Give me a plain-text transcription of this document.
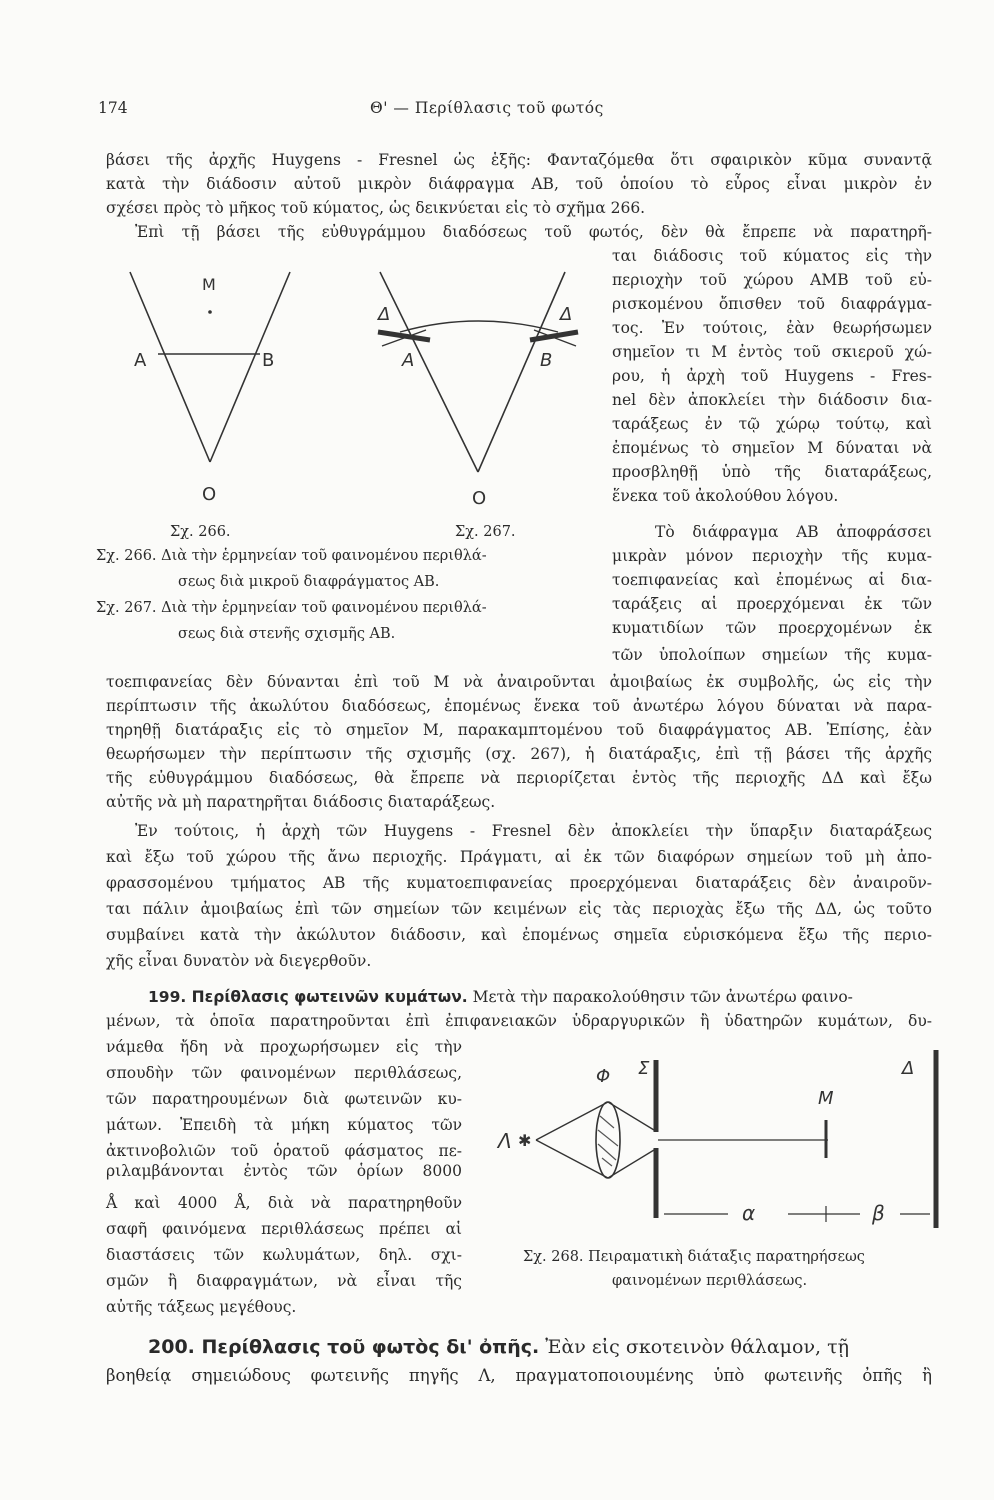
174	Θ' — Περίθλασις τοῦ φωτός
βάσει τῆς ἀρχῆς Huygens - Fresnel ὡς ἑξῆς: Φανταζόμεθα ὅτι σφαιρικὸν κῦμα συναντᾷ
κατὰ τὴν διάδοσιν αὐτοῦ μικρὸν διάφραγμα ΑΒ, τοῦ ὁποίου τὸ εὖρος εἶναι μικρὸν ἐν
σχέσει πρὸς τὸ μῆκος τοῦ κύματος, ὡς δεικνύεται εἰς τὸ σχῆμα 266.
Ἐπὶ τῇ βάσει τῆς εὐθυγράμμου διαδόσεως τοῦ φωτός, δὲν θὰ ἔπρεπε νὰ παρατηρῆ-
ται διάδοσις τοῦ κύματος εἰς τὴν
περιοχὴν τοῦ χώρου ΑΜΒ τοῦ εὑ-
ρισκομένου ὄπισθεν τοῦ διαφράγμα-
τος. Ἐν τούτοις, ἐὰν θεωρήσωμεν
σημεῖον τι Μ ἐντὸς τοῦ σκιεροῦ χώ-
ρου, ἡ ἀρχὴ τοῦ Huygens - Fres-
nel δὲν ἀποκλείει τὴν διάδοσιν δια-
ταράξεως ἐν τῷ χώρῳ τούτῳ, καὶ
ἐπομένως τὸ σημεῖον Μ δύναται νὰ
προσβληθῇ ὑπὸ τῆς διαταράξεως,
ἕνεκα τοῦ ἀκολούθου λόγου.
Τὸ διάφραγμα ΑΒ ἀποφράσσει
μικρὰν μόνον περιοχὴν τῆς κυμα-
τοεπιφανείας καὶ ἐπομένως αἱ δια-
ταράξεις αἱ προερχόμεναι ἐκ τῶν
κυματιδίων τῶν προερχομένων ἐκ
τῶν ὑπολοίπων σημείων τῆς κυμα-
M
A	B
O
Σχ. 266.
Δ	Δ
A	B
O
Σχ. 267.
Σχ. 266. Διὰ τὴν ἑρμηνείαν τοῦ φαινομένου περιθλά-
σεως διὰ μικροῦ διαφράγματος ΑΒ.
Σχ. 267. Διὰ τὴν ἑρμηνείαν τοῦ φαινομένου περιθλά-
σεως διὰ στενῆς σχισμῆς ΑΒ.
τοεπιφανείας δὲν δύνανται ἐπὶ τοῦ Μ νὰ ἀναιροῦνται ἀμοιβαίως ἐκ συμβολῆς, ὡς εἰς τὴν
περίπτωσιν τῆς ἀκωλύτου διαδόσεως, ἐπομένως ἕνεκα τοῦ ἀνωτέρω λόγου δύναται νὰ παρα-
τηρηθῇ διατάραξις εἰς τὸ σημεῖον Μ, παρακαμπτομένου τοῦ διαφράγματος ΑΒ. Ἐπίσης, ἐὰν
θεωρήσωμεν τὴν περίπτωσιν τῆς σχισμῆς (σχ. 267), ἡ διατάραξις, ἐπὶ τῇ βάσει τῆς ἀρχῆς
τῆς εὐθυγράμμου διαδόσεως, θὰ ἔπρεπε νὰ περιορίζεται ἐντὸς τῆς περιοχῆς ΔΔ καὶ ἔξω
αὐτῆς νὰ μὴ παρατηρῆται διάδοσις διαταράξεως.
Ἐν τούτοις, ἡ ἀρχὴ τῶν Huygens - Fresnel δὲν ἀποκλείει τὴν ὕπαρξιν διαταράξεως
καὶ ἔξω τοῦ χώρου τῆς ἄνω περιοχῆς. Πράγματι, αἱ ἐκ τῶν διαφόρων σημείων τοῦ μὴ ἀπο-
φρασσομένου τμήματος ΑΒ τῆς κυματοεπιφανείας προερχόμεναι διαταράξεις δὲν ἀναιροῦν-
ται πάλιν ἀμοιβαίως ἐπὶ τῶν σημείων τῶν κειμένων εἰς τὰς περιοχὰς ἔξω τῆς ΔΔ, ὡς τοῦτο
συμβαίνει κατὰ τὴν ἀκώλυτον διάδοσιν, καὶ ἐπομένως σημεῖα εὑρισκόμενα ἔξω τῆς περιο-
χῆς εἶναι δυνατὸν νὰ διεγερθοῦν.
199. Περίθλασις φωτεινῶν κυμάτων. Μετὰ τὴν παρακολούθησιν τῶν ἀνωτέρω φαινο-
μένων, τὰ ὁποῖα παρατηροῦνται ἐπὶ ἐπιφανειακῶν ὑδραργυρικῶν ἢ ὑδατηρῶν κυμάτων, δυ-
νάμεθα ἤδη νὰ προχωρήσωμεν εἰς τὴν
σπουδὴν τῶν φαινομένων περιθλάσεως,
τῶν παρατηρουμένων διὰ φωτεινῶν κυ-
μάτων. Ἐπειδὴ τὰ μήκη κύματος τῶν
ἀκτινοβολιῶν τοῦ ὁρατοῦ φάσματος πε-
ριλαμβάνονται ἐντὸς τῶν ὁρίων 8000
Å καὶ 4000 Å, διὰ νὰ παρατηρηθοῦν
σαφῆ φαινόμενα περιθλάσεως πρέπει αἱ
διαστάσεις τῶν κωλυμάτων, δηλ. σχι-
σμῶν ἢ διαφραγμάτων, νὰ εἶναι τῆς
αὐτῆς τάξεως μεγέθους.
Λ ✱
Φ Σ
M
Δ
α	β
Σχ. 268. Πειραματικὴ διάταξις παρατηρήσεως
φαινομένων περιθλάσεως.
200. Περίθλασις τοῦ φωτὸς δι' ὀπῆς. Ἐὰν εἰς σκοτεινὸν θάλαμον, τῇ
βοηθείᾳ σημειώδους φωτεινῆς πηγῆς Λ, πραγματοποιουμένης ὑπὸ φωτεινῆς ὀπῆς ἢ
